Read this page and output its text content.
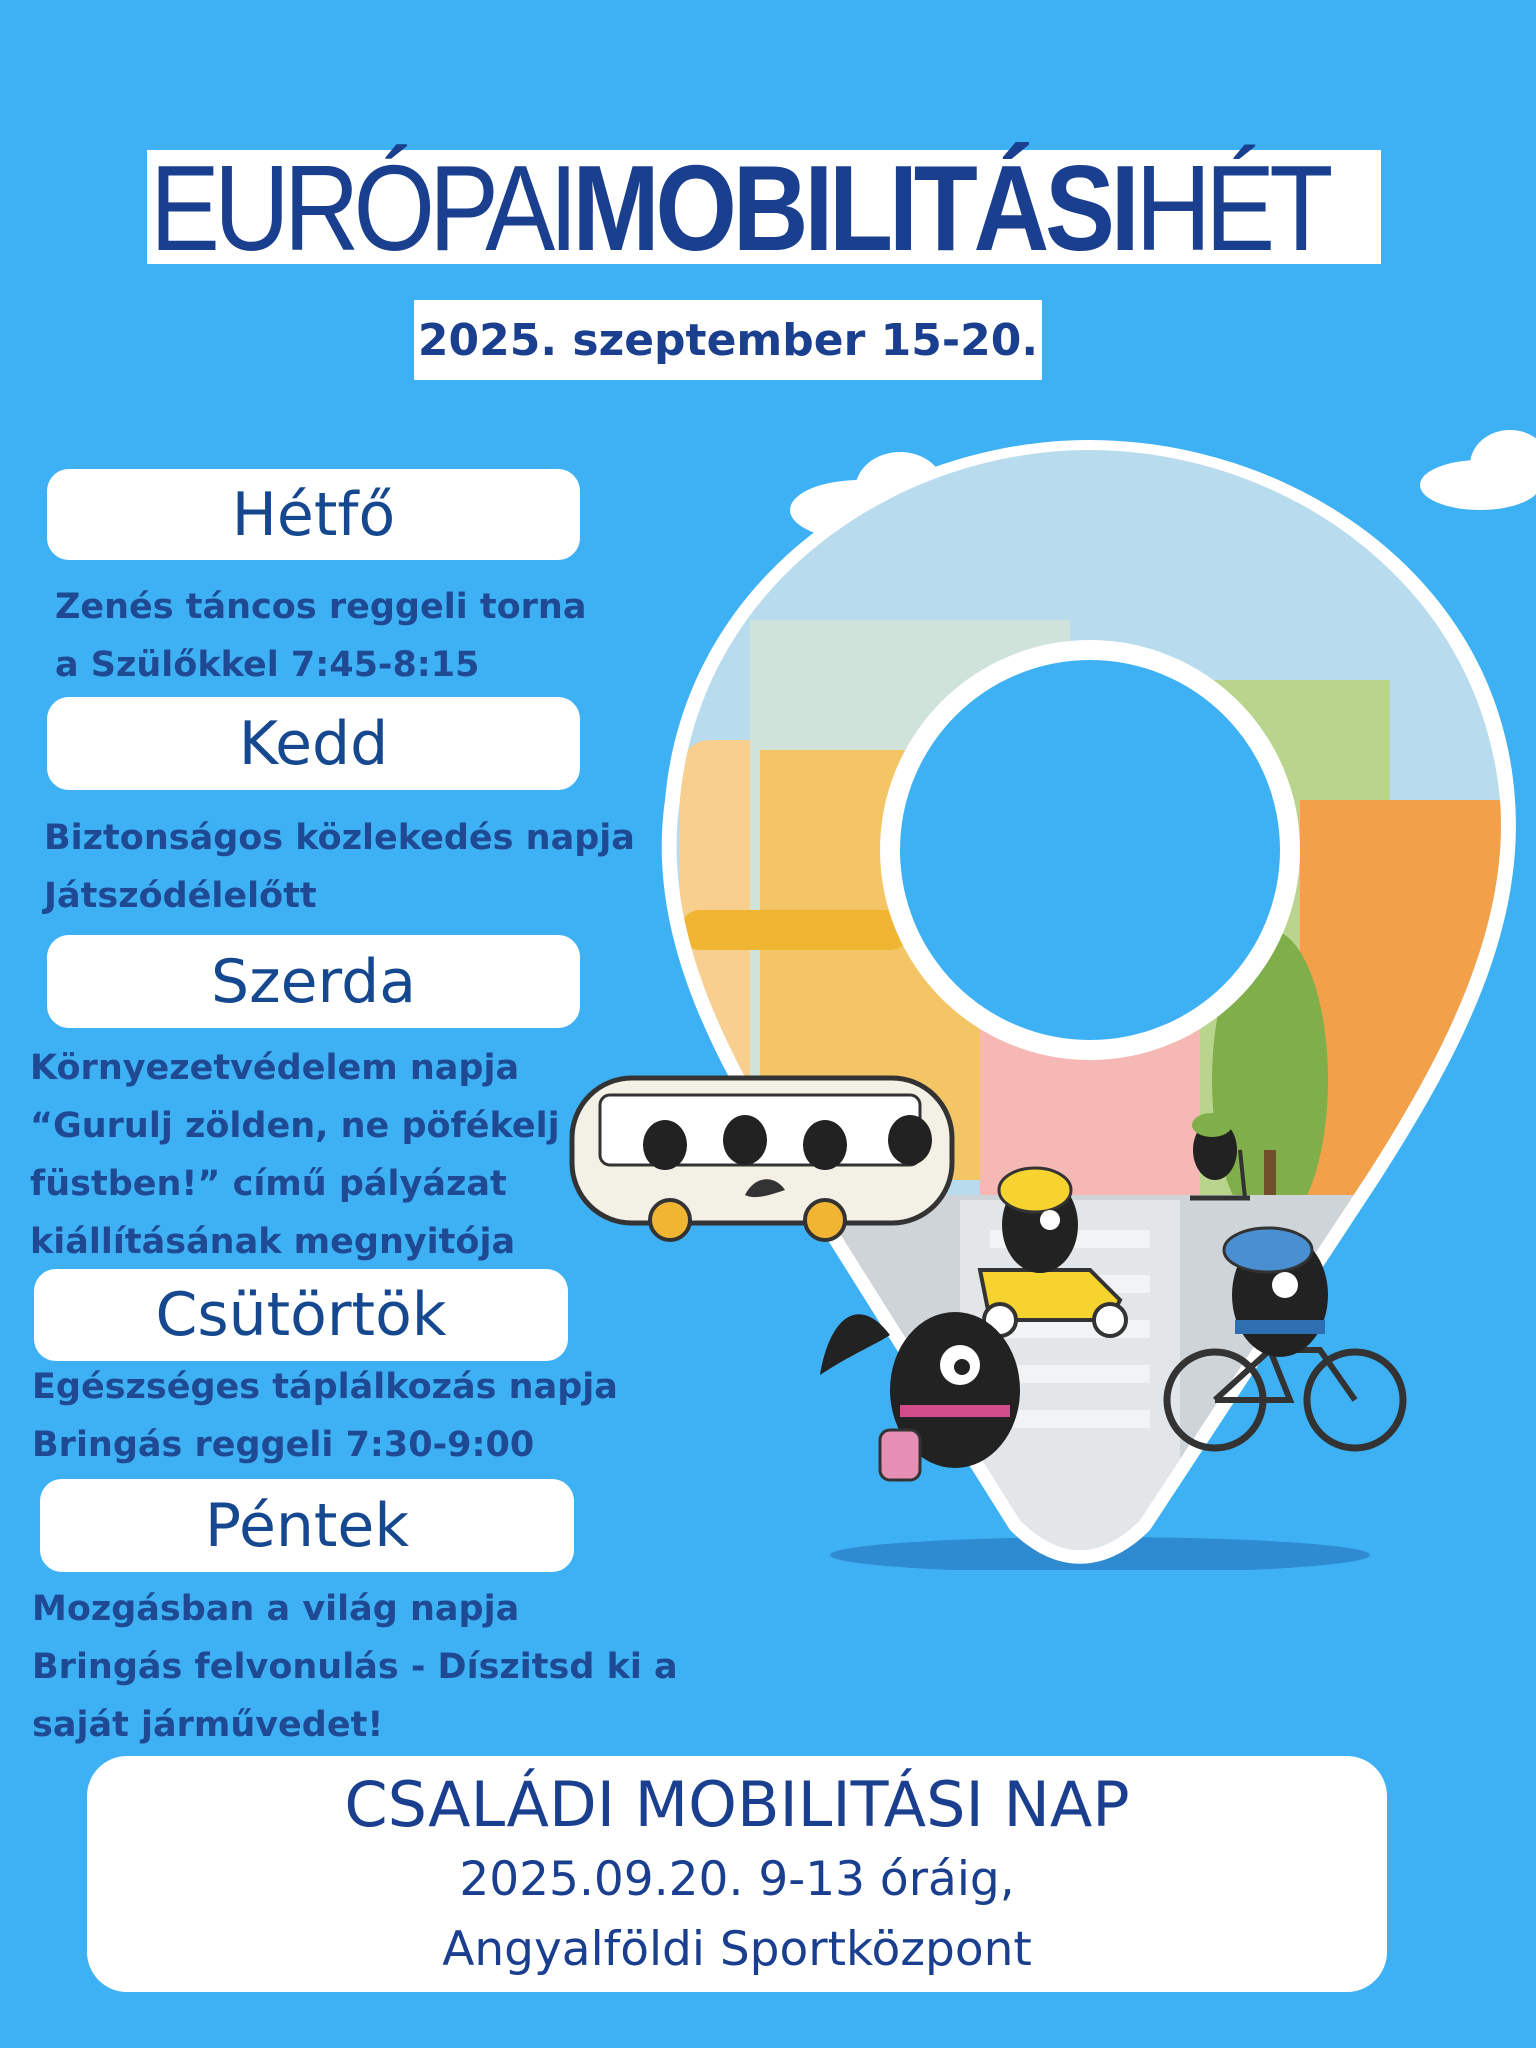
EURÓPAI MOBILITÁSI HÉT
2025. szeptember 15-20.
Hétfő
Zenés táncos reggeli torna
a Szülőkkel 7:45-8:15
Kedd
Biztonságos közlekedés napja
Játszódélelőtt
Szerda
Környezetvédelem napja
“Gurulj zölden, ne pöfékelj
füstben!” című pályázat
kiállításának megnyitója
Csütörtök
Egészséges táplálkozás napja
Bringás reggeli 7:30-9:00
Péntek
Mozgásban a világ napja
Bringás felvonulás - Díszitsd ki a
saját járművedet!
CSALÁDI MOBILITÁSI NAP
2025.09.20. 9-13 óráig,
Angyalföldi Sportközpont
